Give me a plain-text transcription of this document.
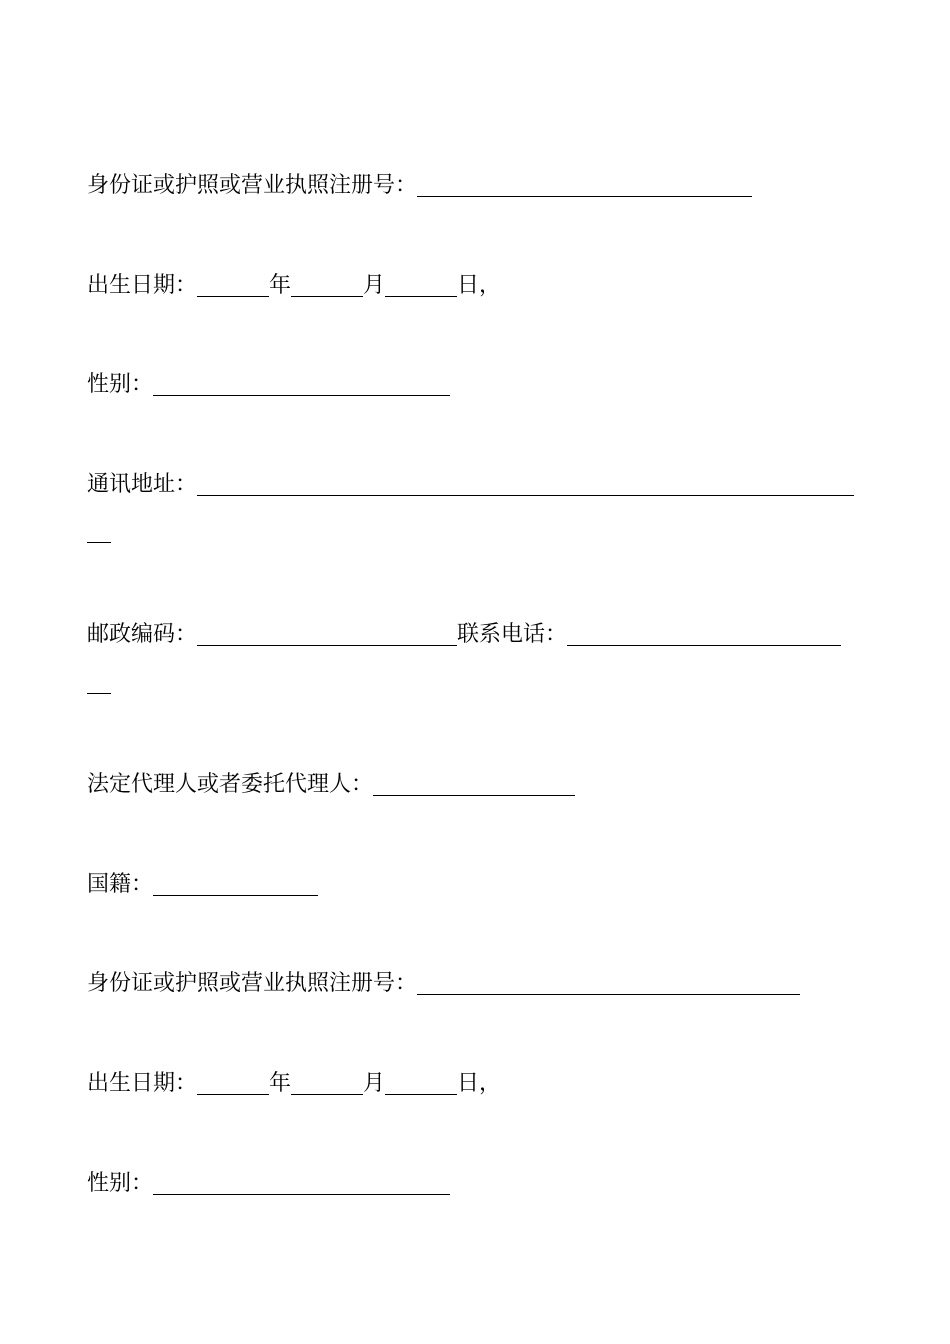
身份证或护照或营业执照注册号：
出生日期：	年	月	日，
性别：
通讯地址：
邮政编码：	联系电话：
法定代理人或者委托代理人：
国籍：
身份证或护照或营业执照注册号：
出生日期：	年	月	日，
性别：
